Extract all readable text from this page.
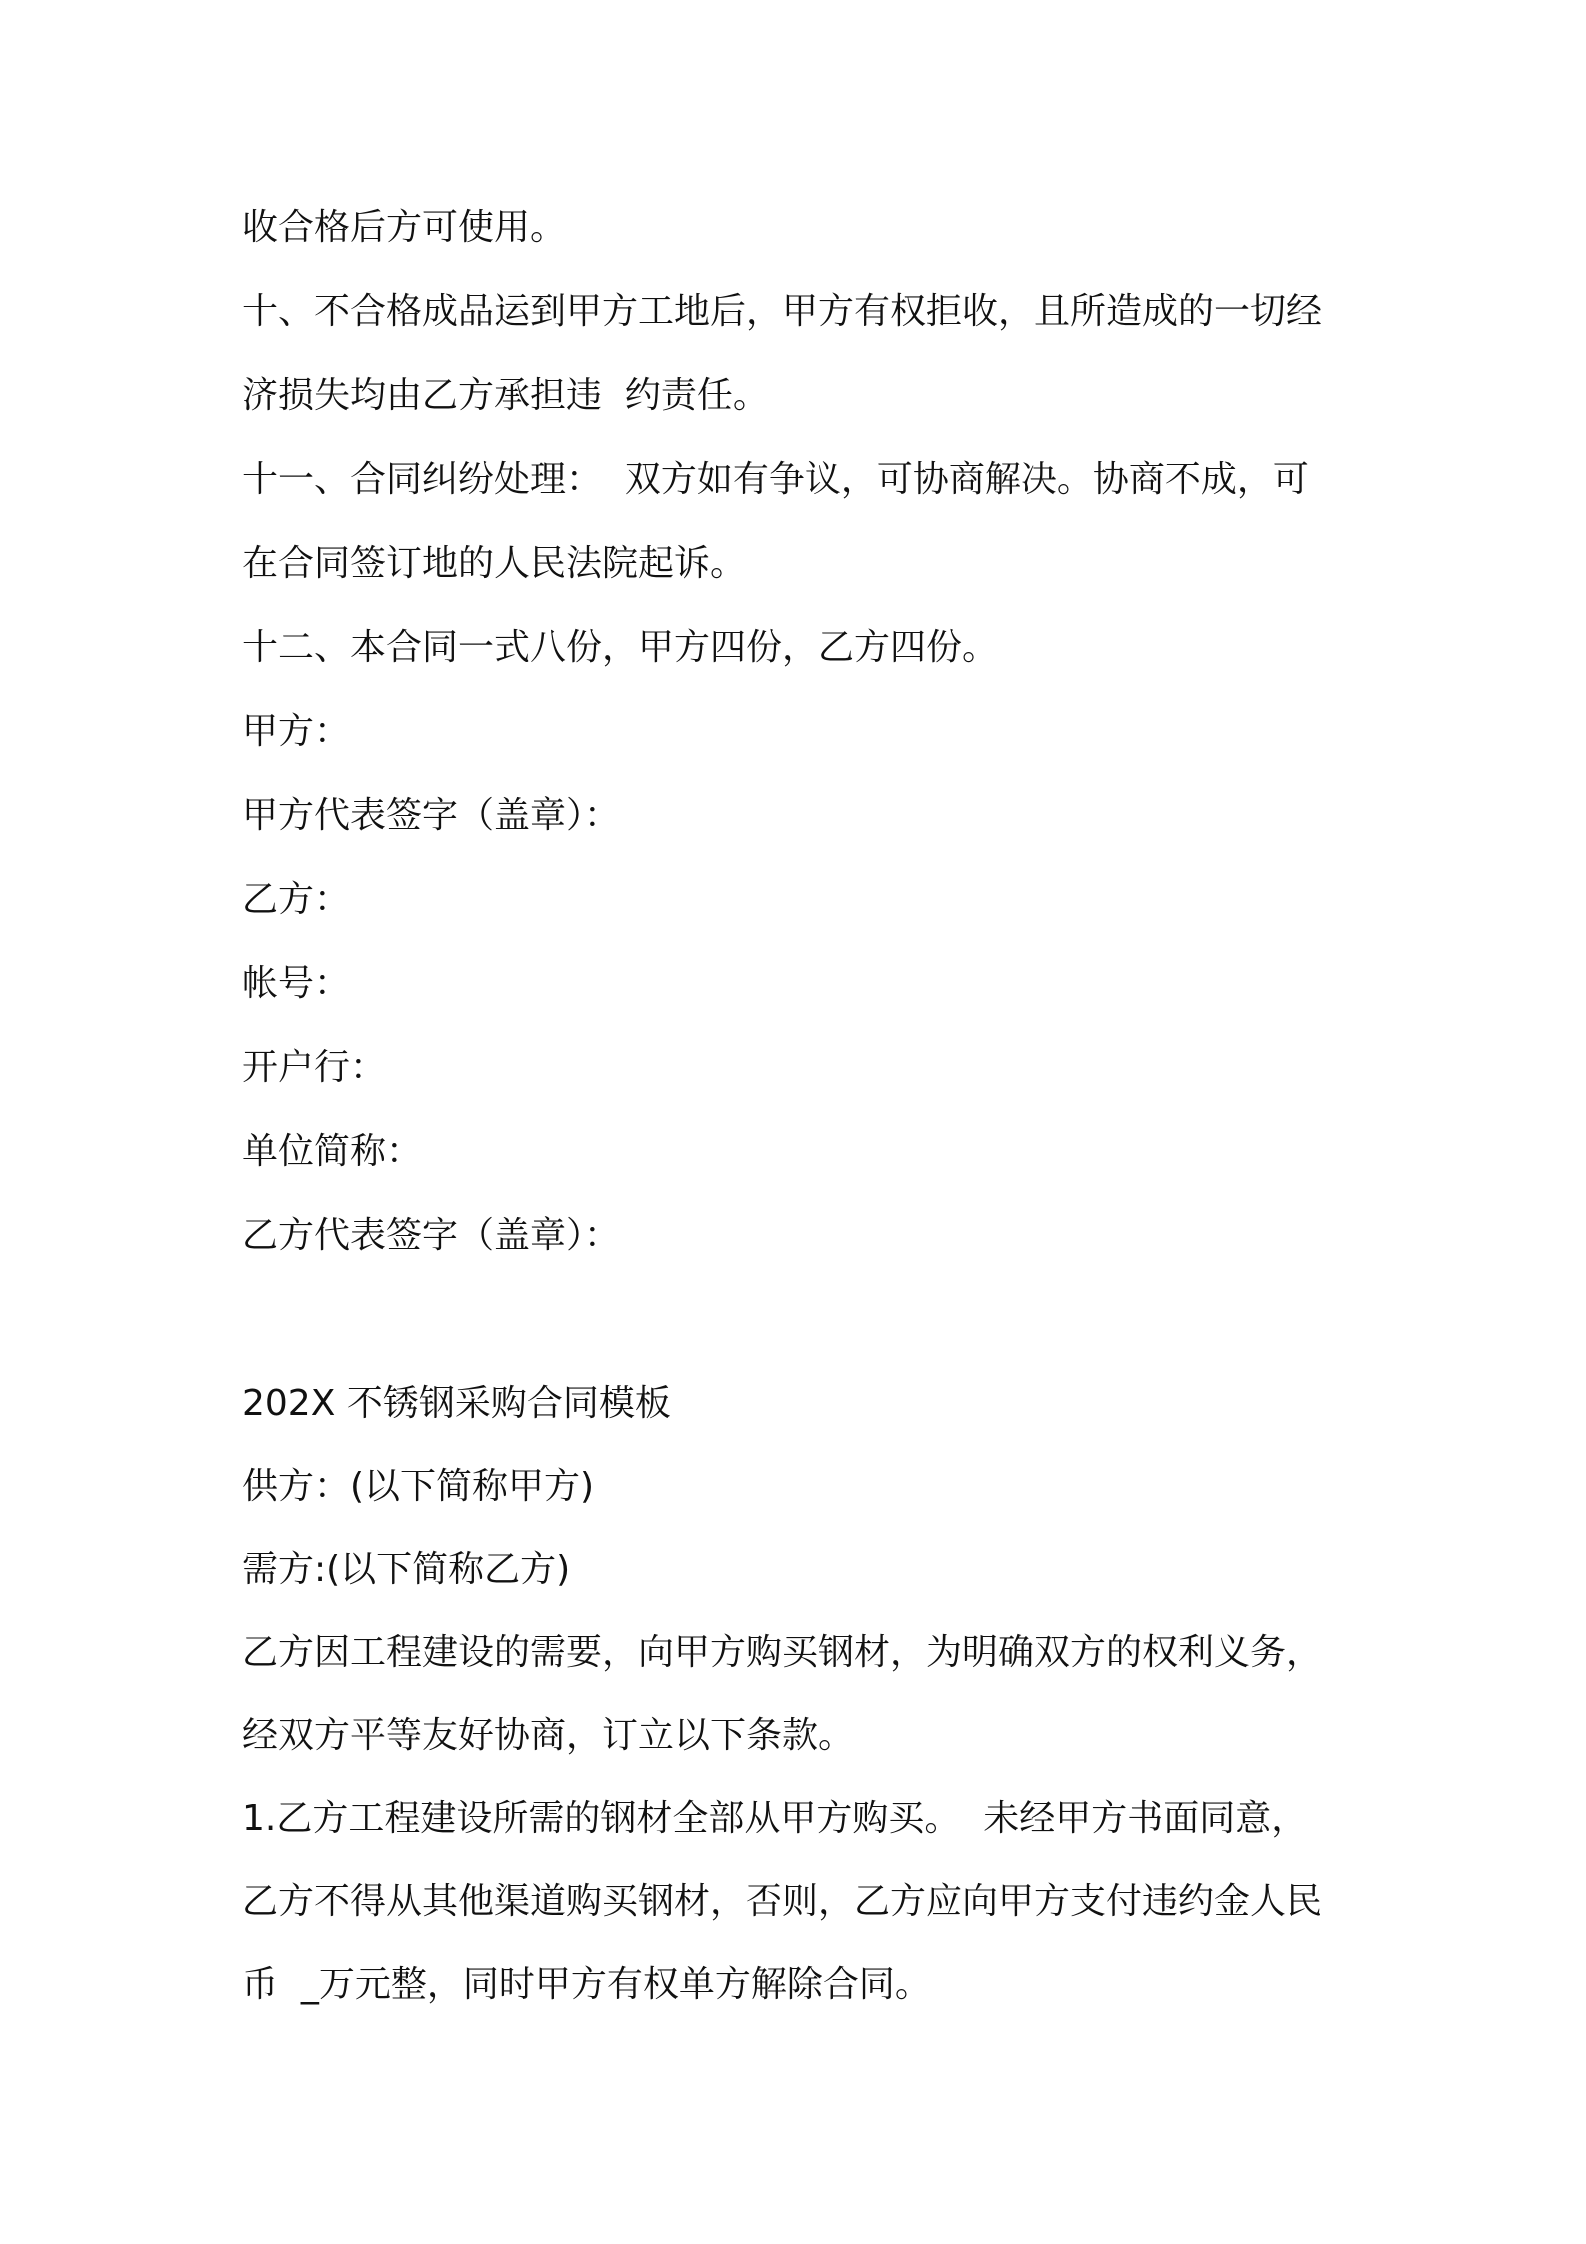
收合格后方可使用。
十、不合格成品运到甲方工地后，甲方有权拒收，且所造成的一切经
济损失均由乙方承担违  约责任。
十一、合同纠纷处理：  双方如有争议，可协商解决。协商不成，可
在合同签订地的人民法院起诉。
十二、本合同一式八份，甲方四份，乙方四份。
甲方：
甲方代表签字（盖章）：
乙方：
帐号：
开户行：
单位简称：
乙方代表签字（盖章）：
202X 不锈钢采购合同模板
供方：(以下简称甲方)
需方:(以下简称乙方)
乙方因工程建设的需要，向甲方购买钢材，为明确双方的权利义务，
经双方平等友好协商，订立以下条款。
1.乙方工程建设所需的钢材全部从甲方购买。  未经甲方书面同意，
乙方不得从其他渠道购买钢材，否则，乙方应向甲方支付违约金人民
币  _万元整，同时甲方有权单方解除合同。
